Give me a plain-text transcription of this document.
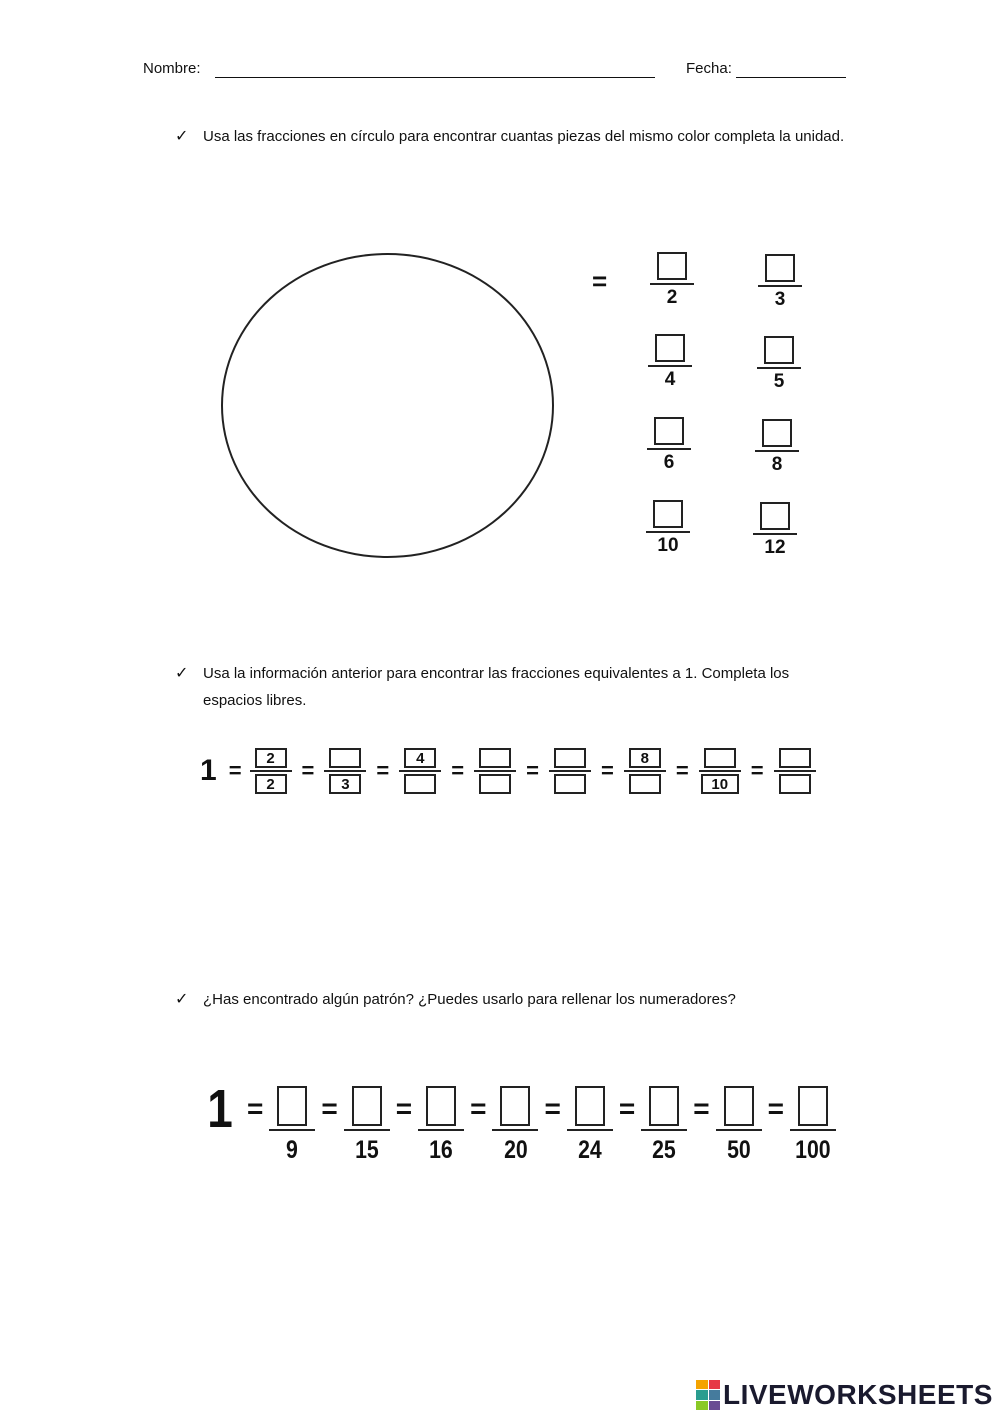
Nombre:	Fecha:
✓ Usa las fracciones en círculo para encontrar cuantas piezas del mismo color completa la unidad.
=
2	3
4	5
6	8
10	12
✓ Usa la información anterior para encontrar las fracciones equivalentes a 1. Completa los espacios libres.
$1 = \frac{2}{2}$ =
3
=	4	=	=	=	8	=
10
=
✓ ¿Has encontrado algún patrón? ¿Puedes usarlo para rellenar los numeradores?
1 =
9
=
15
=
16
=
20
=
24
=
25
=
50
=
100
LIVEWORKSHEETS
